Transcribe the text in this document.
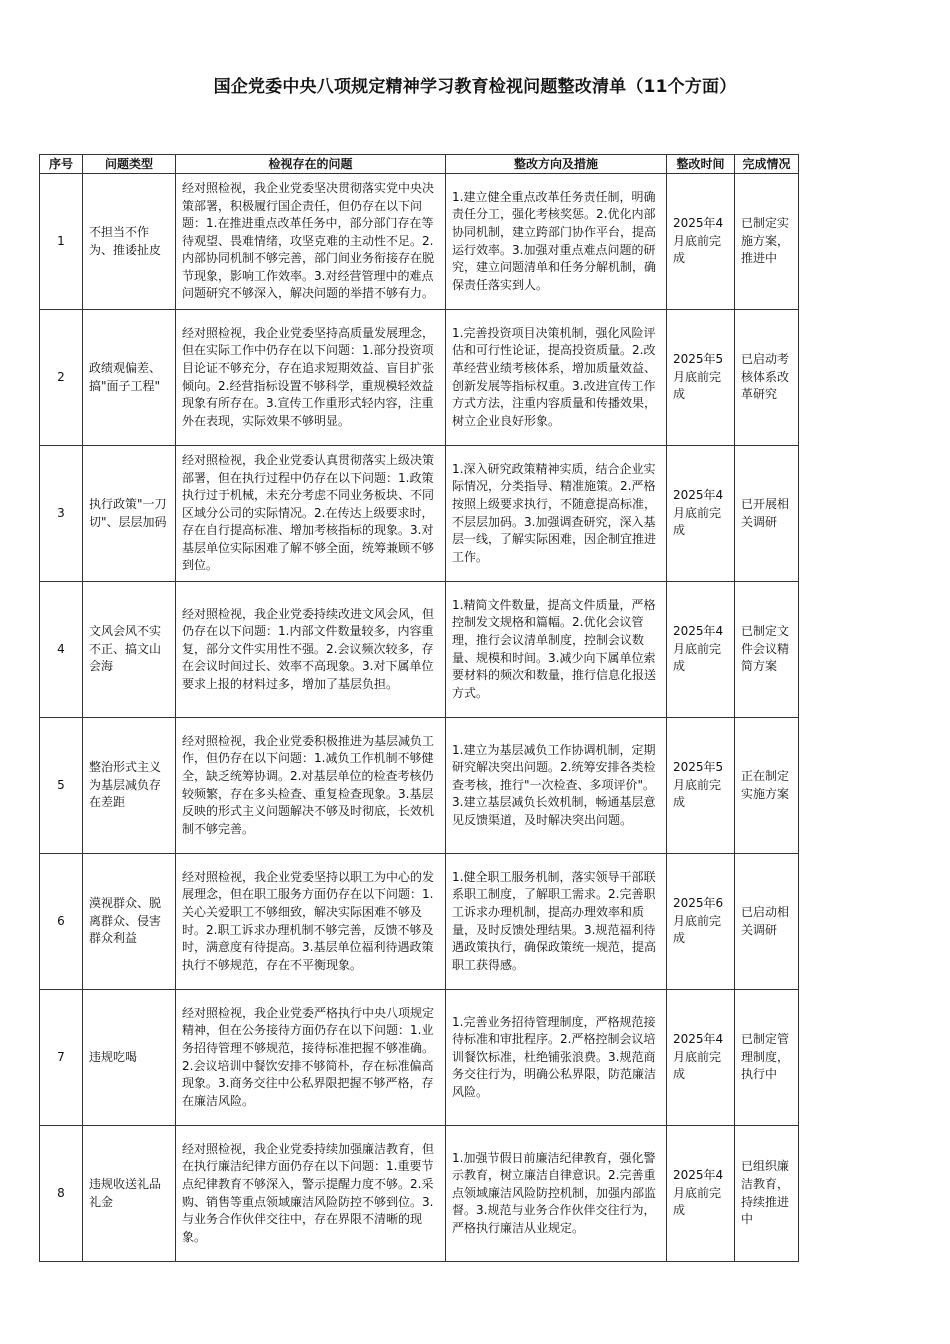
国企党委中央八项规定精神学习教育检视问题整改清单（11个方面）
序号	问题类型	检视存在的问题	整改方向及措施	整改时间	完成情况
1	不担当不作为、推诿扯皮	经对照检视，我企业党委坚决贯彻落实党中央决策部署，积极履行国企责任，但仍存在以下问题：1.在推进重点改革任务中，部分部门存在等待观望、畏难情绪，攻坚克难的主动性不足。2.内部协同机制不够完善，部门间业务衔接存在脱节现象，影响工作效率。3.对经营管理中的难点问题研究不够深入，解决问题的举措不够有力。	1.建立健全重点改革任务责任制，明确责任分工，强化考核奖惩。2.优化内部协同机制，建立跨部门协作平台，提高运行效率。3.加强对重点难点问题的研究，建立问题清单和任务分解机制，确保责任落实到人。	2025年4月底前完成	已制定实施方案，推进中
2	政绩观偏差、搞"面子工程"	经对照检视，我企业党委坚持高质量发展理念，但在实际工作中仍存在以下问题：1.部分投资项目论证不够充分，存在追求短期效益、盲目扩张倾向。2.经营指标设置不够科学，重规模轻效益现象有所存在。3.宣传工作重形式轻内容，注重外在表现，实际效果不够明显。	1.完善投资项目决策机制，强化风险评估和可行性论证，提高投资质量。2.改革经营业绩考核体系，增加质量效益、创新发展等指标权重。3.改进宣传工作方式方法，注重内容质量和传播效果，树立企业良好形象。	2025年5月底前完成	已启动考核体系改革研究
3	执行政策"一刀切"、层层加码	经对照检视，我企业党委认真贯彻落实上级决策部署，但在执行过程中仍存在以下问题：1.政策执行过于机械，未充分考虑不同业务板块、不同区域分公司的实际情况。2.在传达上级要求时，存在自行提高标准、增加考核指标的现象。3.对基层单位实际困难了解不够全面，统筹兼顾不够到位。	1.深入研究政策精神实质，结合企业实际情况，分类指导、精准施策。2.严格按照上级要求执行，不随意提高标准，不层层加码。3.加强调查研究，深入基层一线，了解实际困难，因企制宜推进工作。	2025年4月底前完成	已开展相关调研
4	文风会风不实不正、搞文山会海	经对照检视，我企业党委持续改进文风会风，但仍存在以下问题：1.内部文件数量较多，内容重复，部分文件实用性不强。2.会议频次较多，存在会议时间过长、效率不高现象。3.对下属单位要求上报的材料过多，增加了基层负担。	1.精简文件数量，提高文件质量，严格控制发文规格和篇幅。2.优化会议管理，推行会议清单制度，控制会议数量、规模和时间。3.减少向下属单位索要材料的频次和数量，推行信息化报送方式。	2025年4月底前完成	已制定文件会议精简方案
5	整治形式主义为基层减负存在差距	经对照检视，我企业党委积极推进为基层减负工作，但仍存在以下问题：1.减负工作机制不够健全，缺乏统筹协调。2.对基层单位的检查考核仍较频繁，存在多头检查、重复检查现象。3.基层反映的形式主义问题解决不够及时彻底，长效机制不够完善。	1.建立为基层减负工作协调机制，定期研究解决突出问题。2.统筹安排各类检查考核，推行"一次检查、多项评价"。3.建立基层减负长效机制，畅通基层意见反馈渠道，及时解决突出问题。	2025年5月底前完成	正在制定实施方案
6	漠视群众、脱离群众、侵害群众利益	经对照检视，我企业党委坚持以职工为中心的发展理念，但在职工服务方面仍存在以下问题：1.关心关爱职工不够细致，解决实际困难不够及时。2.职工诉求办理机制不够完善，反馈不够及时，满意度有待提高。3.基层单位福利待遇政策执行不够规范，存在不平衡现象。	1.健全职工服务机制，落实领导干部联系职工制度，了解职工需求。2.完善职工诉求办理机制，提高办理效率和质量，及时反馈处理结果。3.规范福利待遇政策执行，确保政策统一规范，提高职工获得感。	2025年6月底前完成	已启动相关调研
7	违规吃喝	经对照检视，我企业党委严格执行中央八项规定精神，但在公务接待方面仍存在以下问题：1.业务招待管理不够规范，接待标准把握不够准确。2.会议培训中餐饮安排不够简朴，存在标准偏高现象。3.商务交往中公私界限把握不够严格，存在廉洁风险。	1.完善业务招待管理制度，严格规范接待标准和审批程序。2.严格控制会议培训餐饮标准，杜绝铺张浪费。3.规范商务交往行为，明确公私界限，防范廉洁风险。	2025年4月底前完成	已制定管理制度，执行中
8	违规收送礼品礼金	经对照检视，我企业党委持续加强廉洁教育，但在执行廉洁纪律方面仍存在以下问题：1.重要节点纪律教育不够深入，警示提醒力度不够。2.采购、销售等重点领域廉洁风险防控不够到位。3.与业务合作伙伴交往中，存在界限不清晰的现象。	1.加强节假日前廉洁纪律教育，强化警示教育，树立廉洁自律意识。2.完善重点领域廉洁风险防控机制，加强内部监督。3.规范与业务合作伙伴交往行为，严格执行廉洁从业规定。	2025年4月底前完成	已组织廉洁教育，持续推进中
